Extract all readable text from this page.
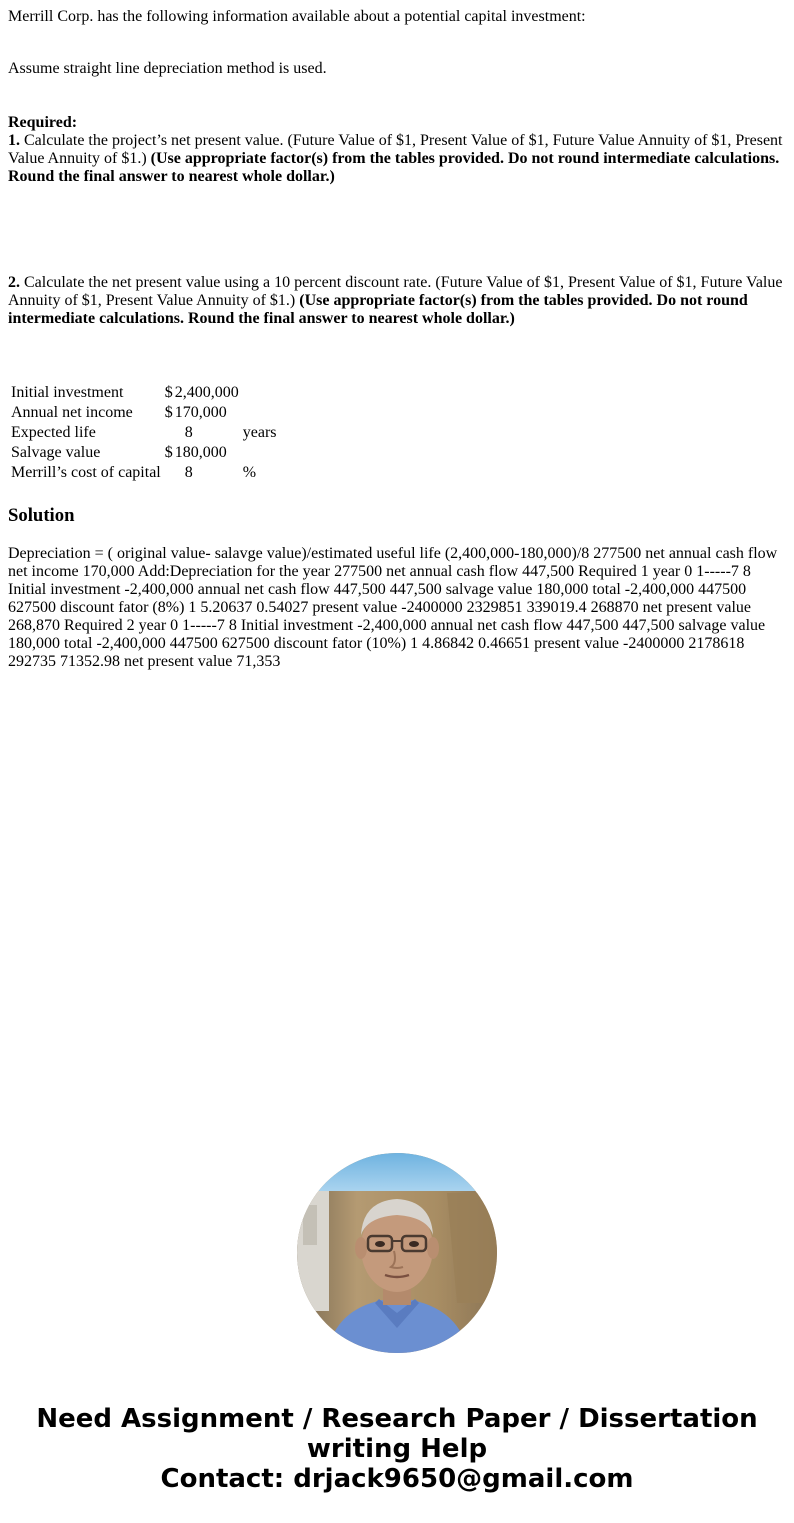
Merrill Corp. has the following information available about a potential capital investment:

Assume straight line depreciation method is used.

Required:

1. Calculate the project’s net present value. (Future Value of $1, Present Value of $1, Future Value Annuity of $1, Present Value Annuity of $1.) (Use appropriate factor(s) from the tables provided. Do not round intermediate calculations. Round the final answer to nearest whole dollar.)

2. Calculate the net present value using a 10 percent discount rate. (Future Value of $1, Present Value of $1, Future Value Annuity of $1, Present Value Annuity of $1.) (Use appropriate factor(s) from the tables provided. Do not round intermediate calculations. Round the final answer to nearest whole dollar.)

Initial investment	$	2,400,000	
Annual net income	$	170,000	
Expected life		8	years
Salvage value	$	180,000	
Merrill’s cost of capital		8	%
Solution

Depreciation = ( original value- salavge value)/estimated useful life (2,400,000-180,000)/8 277500 net annual cash flow net income 170,000 Add:Depreciation for the year 277500 net annual cash flow 447,500 Required 1 year 0 1-----7 8 Initial investment -2,400,000 annual net cash flow 447,500 447,500 salvage value 180,000 total -2,400,000 447500 627500 discount fator (8%) 1 5.20637 0.54027 present value -2400000 2329851 339019.4 268870 net present value 268,870 Required 2 year 0 1-----7 8 Initial investment -2,400,000 annual net cash flow 447,500 447,500 salvage value 180,000 total -2,400,000 447500 627500 discount fator (10%) 1 4.86842 0.46651 present value -2400000 2178618 292735 71352.98 net present value 71,353

Need Assignment / Research Paper / Dissertation
writing Help
Contact: drjack9650@gmail.com
